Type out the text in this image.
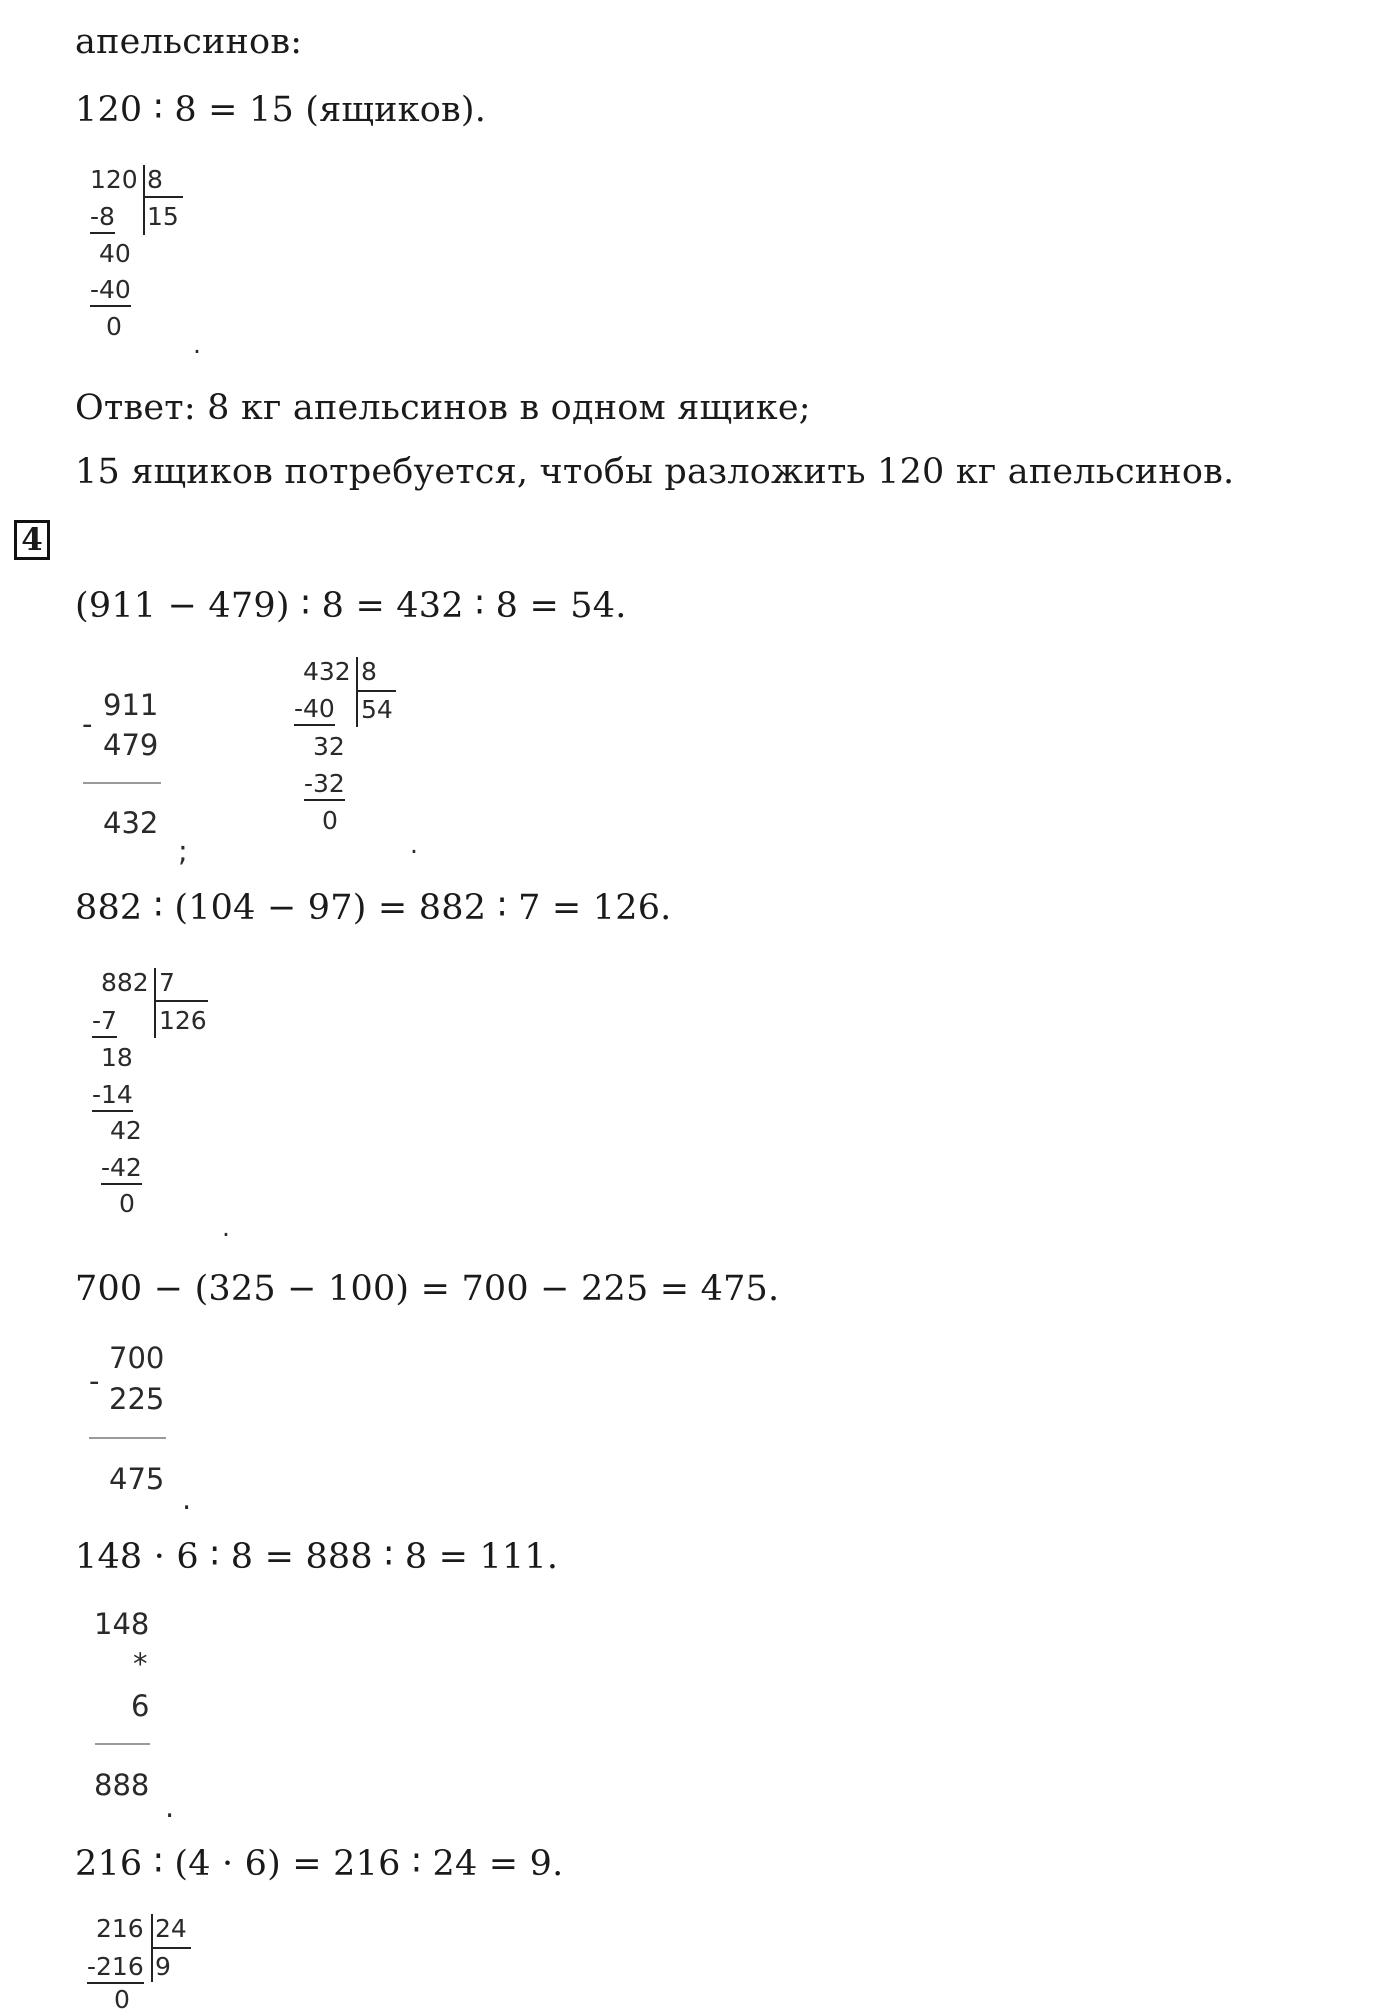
апельсинов:
120 ∶ 8 = 15 (ящиков).
120 8
15
-8
40
-40
0
.
Ответ: 8 кг апельсинов в одном ящике;
15 ящиков потребуется, чтобы разложить 120 кг апельсинов.
4
(911 − 479) ∶ 8 = 432 ∶ 8 = 54.
-
911
479
432
;
432 8
54
-40
32
-32
0
.
882 ∶ (104 − 97) = 882 ∶ 7 = 126.
882 7
126
-7
18
-14
42
-42
0
.
700 − (325 − 100) = 700 − 225 = 475.
-
700
225
475
.
148 · 6 ∶ 8 = 888 ∶ 8 = 111.
148
*
6
888
.
216 ∶ (4 · 6) = 216 ∶ 24 = 9.
216 24
9
-216
0
